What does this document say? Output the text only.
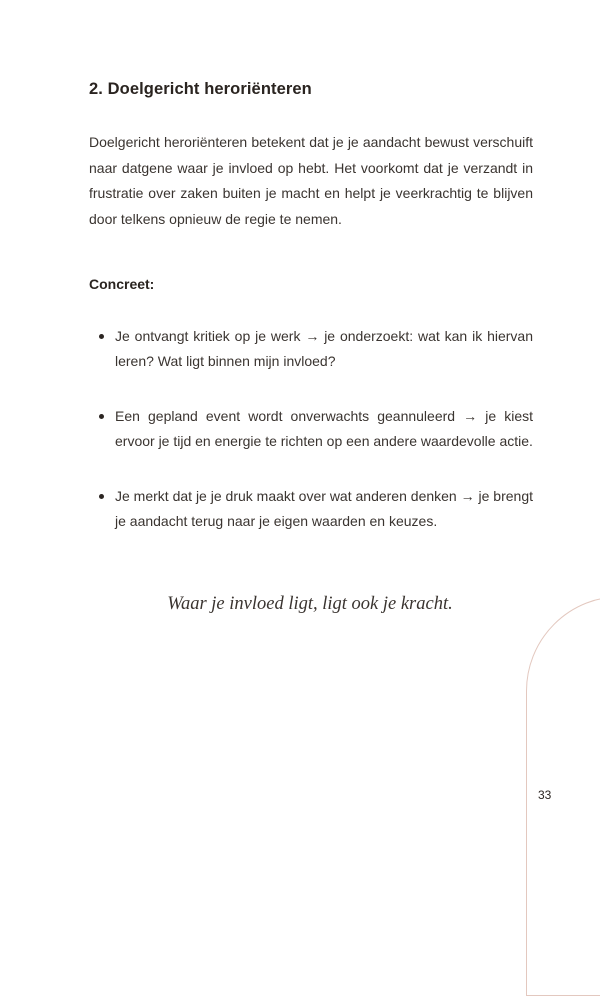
2. Doelgericht heroriënteren

Doelgericht heroriënteren betekent dat je je aandacht bewust verschuift naar datgene waar je invloed op hebt. Het voorkomt dat je verzandt in frustratie over zaken buiten je macht en helpt je veerkrachtig te blijven door telkens opnieuw de regie te nemen.

Concreet:
Je ontvangt kritiek op je werk → je onderzoekt: wat kan ik hiervan leren? Wat ligt binnen mijn invloed?
Een gepland event wordt onverwachts geannuleerd → je kiest ervoor je tijd en energie te richten op een andere waardevolle actie.
Je merkt dat je je druk maakt over wat anderen denken → je brengt je aandacht terug naar je eigen waarden en keuzes.

Waar je invloed ligt, ligt ook je kracht.

33
